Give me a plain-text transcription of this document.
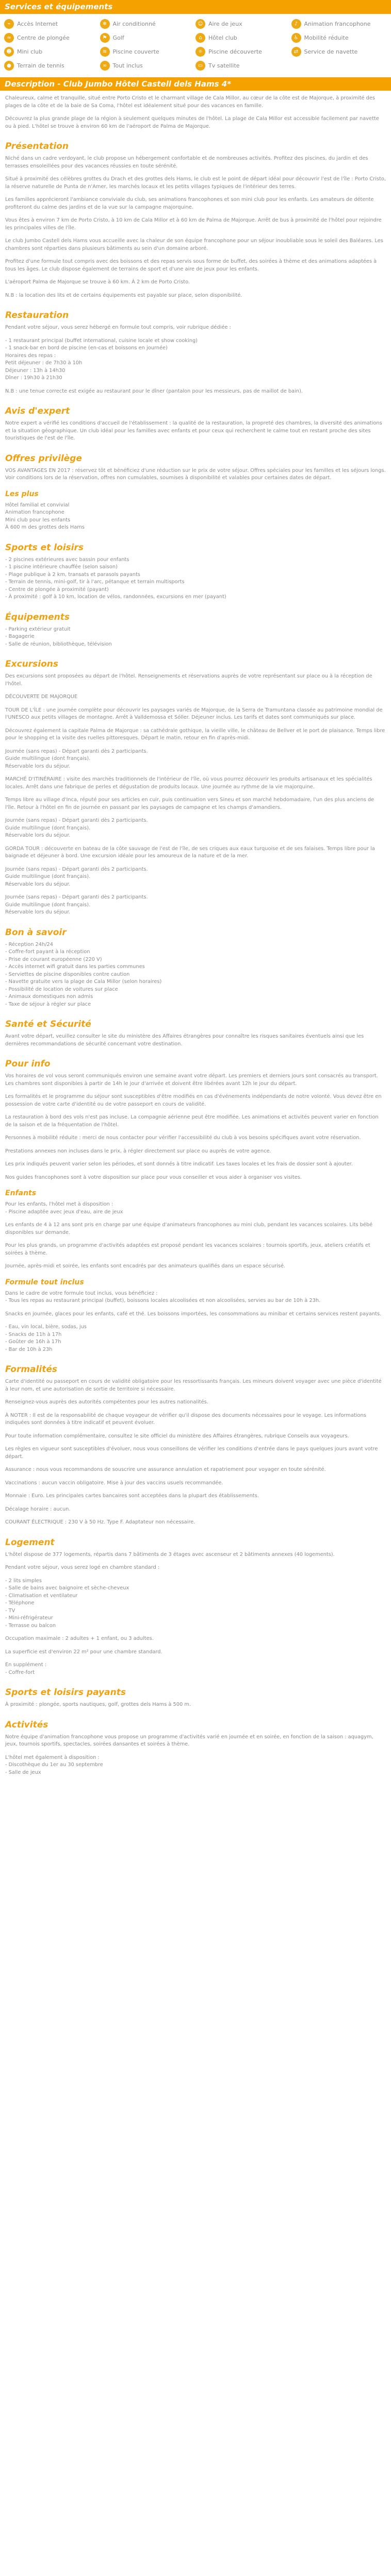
Services et équipements
⌁	Accès Internet	❄	Air conditionné	☺ Aire de jeux	♪	Animation francophone
≈	Centre de plongée	⚑	Golf	⌂	Hôtel club	♿	Mobilité réduite
☻ Mini club	≋	Piscine couverte	☼	Piscine découverte	⇄	Service de navette
●	Terrain de tennis	∞	Tout inclus	▭ Tv satellite
Description - Club Jumbo Hôtel Castell dels Hams 4*

Chaleureux, calme et tranquille, situé entre Porto Cristo et le charmant village de Cala Millor, au cœur de la côte est de Majorque, à proximité des plages de la côte et de la baie de Sa Coma, l'hôtel est idéalement situé pour des vacances en famille.

Découvrez la plus grande plage de la région à seulement quelques minutes de l'hôtel. La plage de Cala Millor est accessible facilement par navette ou à pied. L'hôtel se trouve à environ 60 km de l'aéroport de Palma de Majorque.

Présentation

Niché dans un cadre verdoyant, le club propose un hébergement confortable et de nombreuses activités. Profitez des piscines, du jardin et des terrasses ensoleillées pour des vacances réussies en toute sérénité.

Situé à proximité des célèbres grottes du Drach et des grottes dels Hams, le club est le point de départ idéal pour découvrir l'est de l'île : Porto Cristo, la réserve naturelle de Punta de n'Amer, les marchés locaux et les petits villages typiques de l'intérieur des terres.

Les familles apprécieront l'ambiance conviviale du club, ses animations francophones et son mini club pour les enfants. Les amateurs de détente profiteront du calme des jardins et de la vue sur la campagne majorquine.

Vous êtes à environ 7 km de Porto Cristo, à 10 km de Cala Millor et à 60 km de Palma de Majorque. Arrêt de bus à proximité de l'hôtel pour rejoindre les principales villes de l'île.

Le club Jumbo Castell dels Hams vous accueille avec la chaleur de son équipe francophone pour un séjour inoubliable sous le soleil des Baléares. Les chambres sont réparties dans plusieurs bâtiments au sein d'un domaine arboré.

Profitez d'une formule tout compris avec des boissons et des repas servis sous forme de buffet, des soirées à thème et des animations adaptées à tous les âges. Le club dispose également de terrains de sport et d'une aire de jeux pour les enfants.

L'aéroport Palma de Majorque se trouve à 60 km. À 2 km de Porto Cristo.

N.B : la location des lits et de certains équipements est payable sur place, selon disponibilité.

Restauration

Pendant votre séjour, vous serez hébergé en formule tout compris, voir rubrique dédiée :

- 1 restaurant principal (buffet international, cuisine locale et show cooking)
- 1 snack-bar en bord de piscine (en-cas et boissons en journée)
Horaires des repas :
Petit déjeuner : de 7h30 à 10h
Déjeuner : 13h à 14h30
Dîner : 19h30 à 21h30

N.B : une tenue correcte est exigée au restaurant pour le dîner (pantalon pour les messieurs, pas de maillot de bain).

Avis d'expert

Notre expert a vérifié les conditions d'accueil de l'établissement : la qualité de la restauration, la propreté des chambres, la diversité des animations et la situation géographique. Un club idéal pour les familles avec enfants et pour ceux qui recherchent le calme tout en restant proche des sites touristiques de l'est de l'île.

Offres privilège

VOS AVANTAGES EN 2017 : réservez tôt et bénéficiez d'une réduction sur le prix de votre séjour. Offres spéciales pour les familles et les séjours longs. Voir conditions lors de la réservation, offres non cumulables, soumises à disponibilité et valables pour certaines dates de départ.

Les plus
Hôtel familial et convivial
Animation francophone
Mini club pour les enfants
À 600 m des grottes dels Hams
Sports et loisirs
- 2 piscines extérieures avec bassin pour enfants
- 1 piscine intérieure chauffée (selon saison)
- Plage publique à 2 km, transats et parasols payants
- Terrain de tennis, mini-golf, tir à l'arc, pétanque et terrain multisports
- Centre de plongée à proximité (payant)
- À proximité : golf à 10 km, location de vélos, randonnées, excursions en mer (payant)
Équipements
- Parking extérieur gratuit
- Bagagerie
- Salle de réunion, bibliothèque, télévision
Excursions

Des excursions sont proposées au départ de l'hôtel. Renseignements et réservations auprès de votre représentant sur place ou à la réception de l'hôtel.

DÉCOUVERTE DE MAJORQUE

TOUR DE L'ÎLE : une journée complète pour découvrir les paysages variés de Majorque, de la Serra de Tramuntana classée au patrimoine mondial de l'UNESCO aux petits villages de montagne. Arrêt à Valldemossa et Sóller. Déjeuner inclus. Les tarifs et dates sont communiqués sur place.

Découvrez également la capitale Palma de Majorque : sa cathédrale gothique, la vieille ville, le château de Bellver et le port de plaisance. Temps libre pour le shopping et la visite des ruelles pittoresques. Départ le matin, retour en fin d'après-midi.

Journée (sans repas) - Départ garanti dès 2 participants.
Guide multilingue (dont français).
Réservable lors du séjour.

MARCHÉ D'ITINÉRAIRE : visite des marchés traditionnels de l'intérieur de l'île, où vous pourrez découvrir les produits artisanaux et les spécialités locales. Arrêt dans une fabrique de perles et dégustation de produits locaux. Une journée au rythme de la vie majorquine.

Temps libre au village d'Inca, réputé pour ses articles en cuir, puis continuation vers Sineu et son marché hebdomadaire, l'un des plus anciens de l'île. Retour à l'hôtel en fin de journée en passant par les paysages de campagne et les champs d'amandiers.

Journée (sans repas) - Départ garanti dès 2 participants.
Guide multilingue (dont français).
Réservable lors du séjour.

GORDA TOUR : découverte en bateau de la côte sauvage de l'est de l'île, de ses criques aux eaux turquoise et de ses falaises. Temps libre pour la baignade et déjeuner à bord. Une excursion idéale pour les amoureux de la nature et de la mer.

Journée (sans repas) - Départ garanti dès 2 participants.
Guide multilingue (dont français).
Réservable lors du séjour.

Journée (sans repas) - Départ garanti dès 2 participants.
Guide multilingue (dont français).
Réservable lors du séjour.

Bon à savoir
- Réception 24h/24
- Coffre-fort payant à la réception
- Prise de courant européenne (220 V)
- Accès internet wifi gratuit dans les parties communes
- Serviettes de piscine disponibles contre caution
- Navette gratuite vers la plage de Cala Millor (selon horaires)
- Possibilité de location de voitures sur place
- Animaux domestiques non admis
- Taxe de séjour à régler sur place
Santé et Sécurité

Avant votre départ, veuillez consulter le site du ministère des Affaires étrangères pour connaître les risques sanitaires éventuels ainsi que les dernières recommandations de sécurité concernant votre destination.

Pour info

Vos horaires de vol vous seront communiqués environ une semaine avant votre départ. Les premiers et derniers jours sont consacrés au transport. Les chambres sont disponibles à partir de 14h le jour d'arrivée et doivent être libérées avant 12h le jour du départ.

Les formalités et le programme du séjour sont susceptibles d'être modifiés en cas d'événements indépendants de notre volonté. Vous devez être en possession de votre carte d'identité ou de votre passeport en cours de validité.

La restauration à bord des vols n'est pas incluse. La compagnie aérienne peut être modifiée. Les animations et activités peuvent varier en fonction de la saison et de la fréquentation de l'hôtel.

Personnes à mobilité réduite : merci de nous contacter pour vérifier l'accessibilité du club à vos besoins spécifiques avant votre réservation.

Prestations annexes non incluses dans le prix, à régler directement sur place ou auprès de votre agence.

Les prix indiqués peuvent varier selon les périodes, et sont donnés à titre indicatif. Les taxes locales et les frais de dossier sont à ajouter.

Nos guides francophones sont à votre disposition sur place pour vous conseiller et vous aider à organiser vos visites.

Enfants

Pour les enfants, l'hôtel met à disposition :
- Piscine adaptée avec jeux d'eau, aire de jeux

Les enfants de 4 à 12 ans sont pris en charge par une équipe d'animateurs francophones au mini club, pendant les vacances scolaires. Lits bébé disponibles sur demande.

Pour les plus grands, un programme d'activités adaptées est proposé pendant les vacances scolaires : tournois sportifs, jeux, ateliers créatifs et soirées à thème.

Journée, après-midi et soirée, les enfants sont encadrés par des animateurs qualifiés dans un espace sécurisé.

Formule tout inclus

Dans le cadre de votre formule tout inclus, vous bénéficiez :
- Tous les repas au restaurant principal (buffet), boissons locales alcoolisées et non alcoolisées, servies au bar de 10h à 23h.

Snacks en journée, glaces pour les enfants, café et thé. Les boissons importées, les consommations au minibar et certains services restent payants.

- Eau, vin local, bière, sodas, jus
- Snacks de 11h à 17h
- Goûter de 16h à 17h
- Bar de 10h à 23h
Formalités

Carte d'identité ou passeport en cours de validité obligatoire pour les ressortissants français. Les mineurs doivent voyager avec une pièce d'identité à leur nom, et une autorisation de sortie de territoire si nécessaire.

Renseignez-vous auprès des autorités compétentes pour les autres nationalités.

À NOTER : Il est de la responsabilité de chaque voyageur de vérifier qu'il dispose des documents nécessaires pour le voyage. Les informations indiquées sont données à titre indicatif et peuvent évoluer.

Pour toute information complémentaire, consultez le site officiel du ministère des Affaires étrangères, rubrique Conseils aux voyageurs.

Les règles en vigueur sont susceptibles d'évoluer, nous vous conseillons de vérifier les conditions d'entrée dans le pays quelques jours avant votre départ.

Assurance : nous vous recommandons de souscrire une assurance annulation et rapatriement pour voyager en toute sérénité.

Vaccinations : aucun vaccin obligatoire. Mise à jour des vaccins usuels recommandée.

Monnaie : Euro. Les principales cartes bancaires sont acceptées dans la plupart des établissements.

Décalage horaire : aucun.

COURANT ÉLECTRIQUE : 230 V à 50 Hz. Type F. Adaptateur non nécessaire.

Logement

L'hôtel dispose de 377 logements, répartis dans 7 bâtiments de 3 étages avec ascenseur et 2 bâtiments annexes (40 logements).

Pendant votre séjour, vous serez logé en chambre standard :

- 2 lits simples
- Salle de bains avec baignoire et sèche-cheveux
- Climatisation et ventilateur
- Téléphone
- TV
- Mini-réfrigérateur
- Terrasse ou balcon

Occupation maximale : 2 adultes + 1 enfant, ou 3 adultes.

La superficie est d'environ 22 m² pour une chambre standard.

En supplément :
- Coffre-fort

Sports et loisirs payants

À proximité : plongée, sports nautiques, golf, grottes dels Hams à 500 m.

Activités

Notre équipe d'animation francophone vous propose un programme d'activités varié en journée et en soirée, en fonction de la saison : aquagym, jeux, tournois sportifs, spectacles, soirées dansantes et soirées à thème.

L'hôtel met également à disposition :
- Discothèque du 1er au 30 septembre
- Salle de jeux
